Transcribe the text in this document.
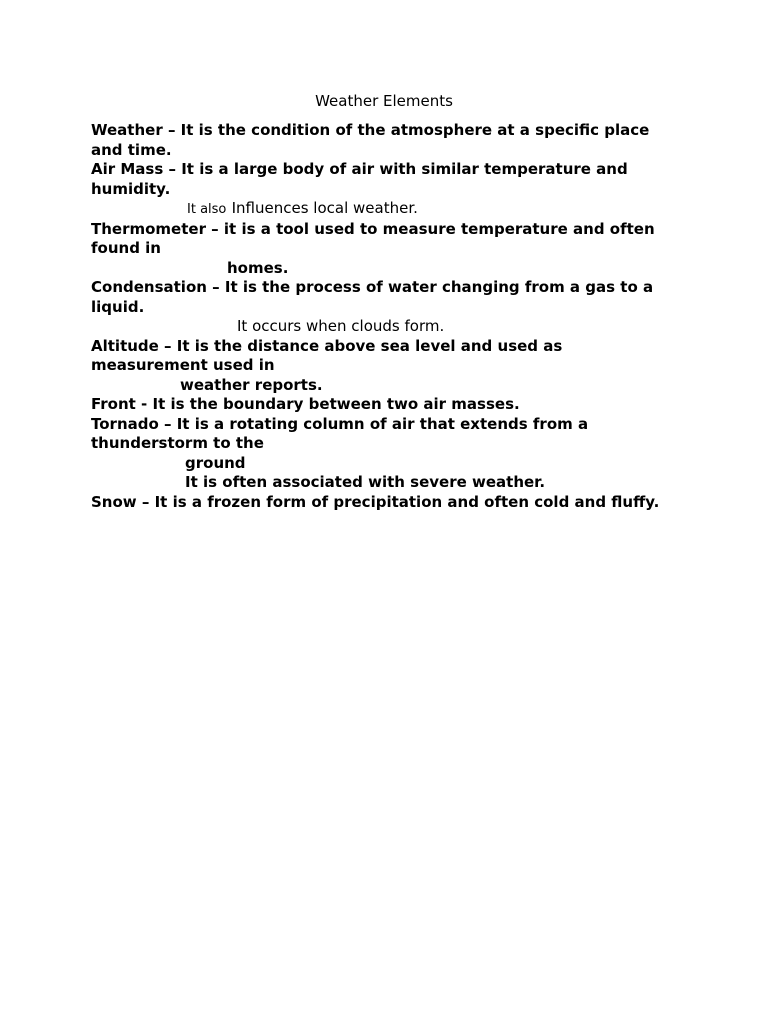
Weather Elements
Weather – It is the condition of the atmosphere at a specific place
and time.
Air Mass – It is a large body of air with similar temperature and
humidity.
It also Influences local weather.
Thermometer – it is a tool used to measure temperature and often
found in
homes.
Condensation – It is the process of water changing from a gas to a
liquid.
It occurs when clouds form.
Altitude – It is the distance above sea level and used as
measurement used in
weather reports.
Front - It is the boundary between two air masses.
Tornado – It is a rotating column of air that extends from a
thunderstorm to the
ground
It is often associated with severe weather.
Snow – It is a frozen form of precipitation and often cold and fluffy.
